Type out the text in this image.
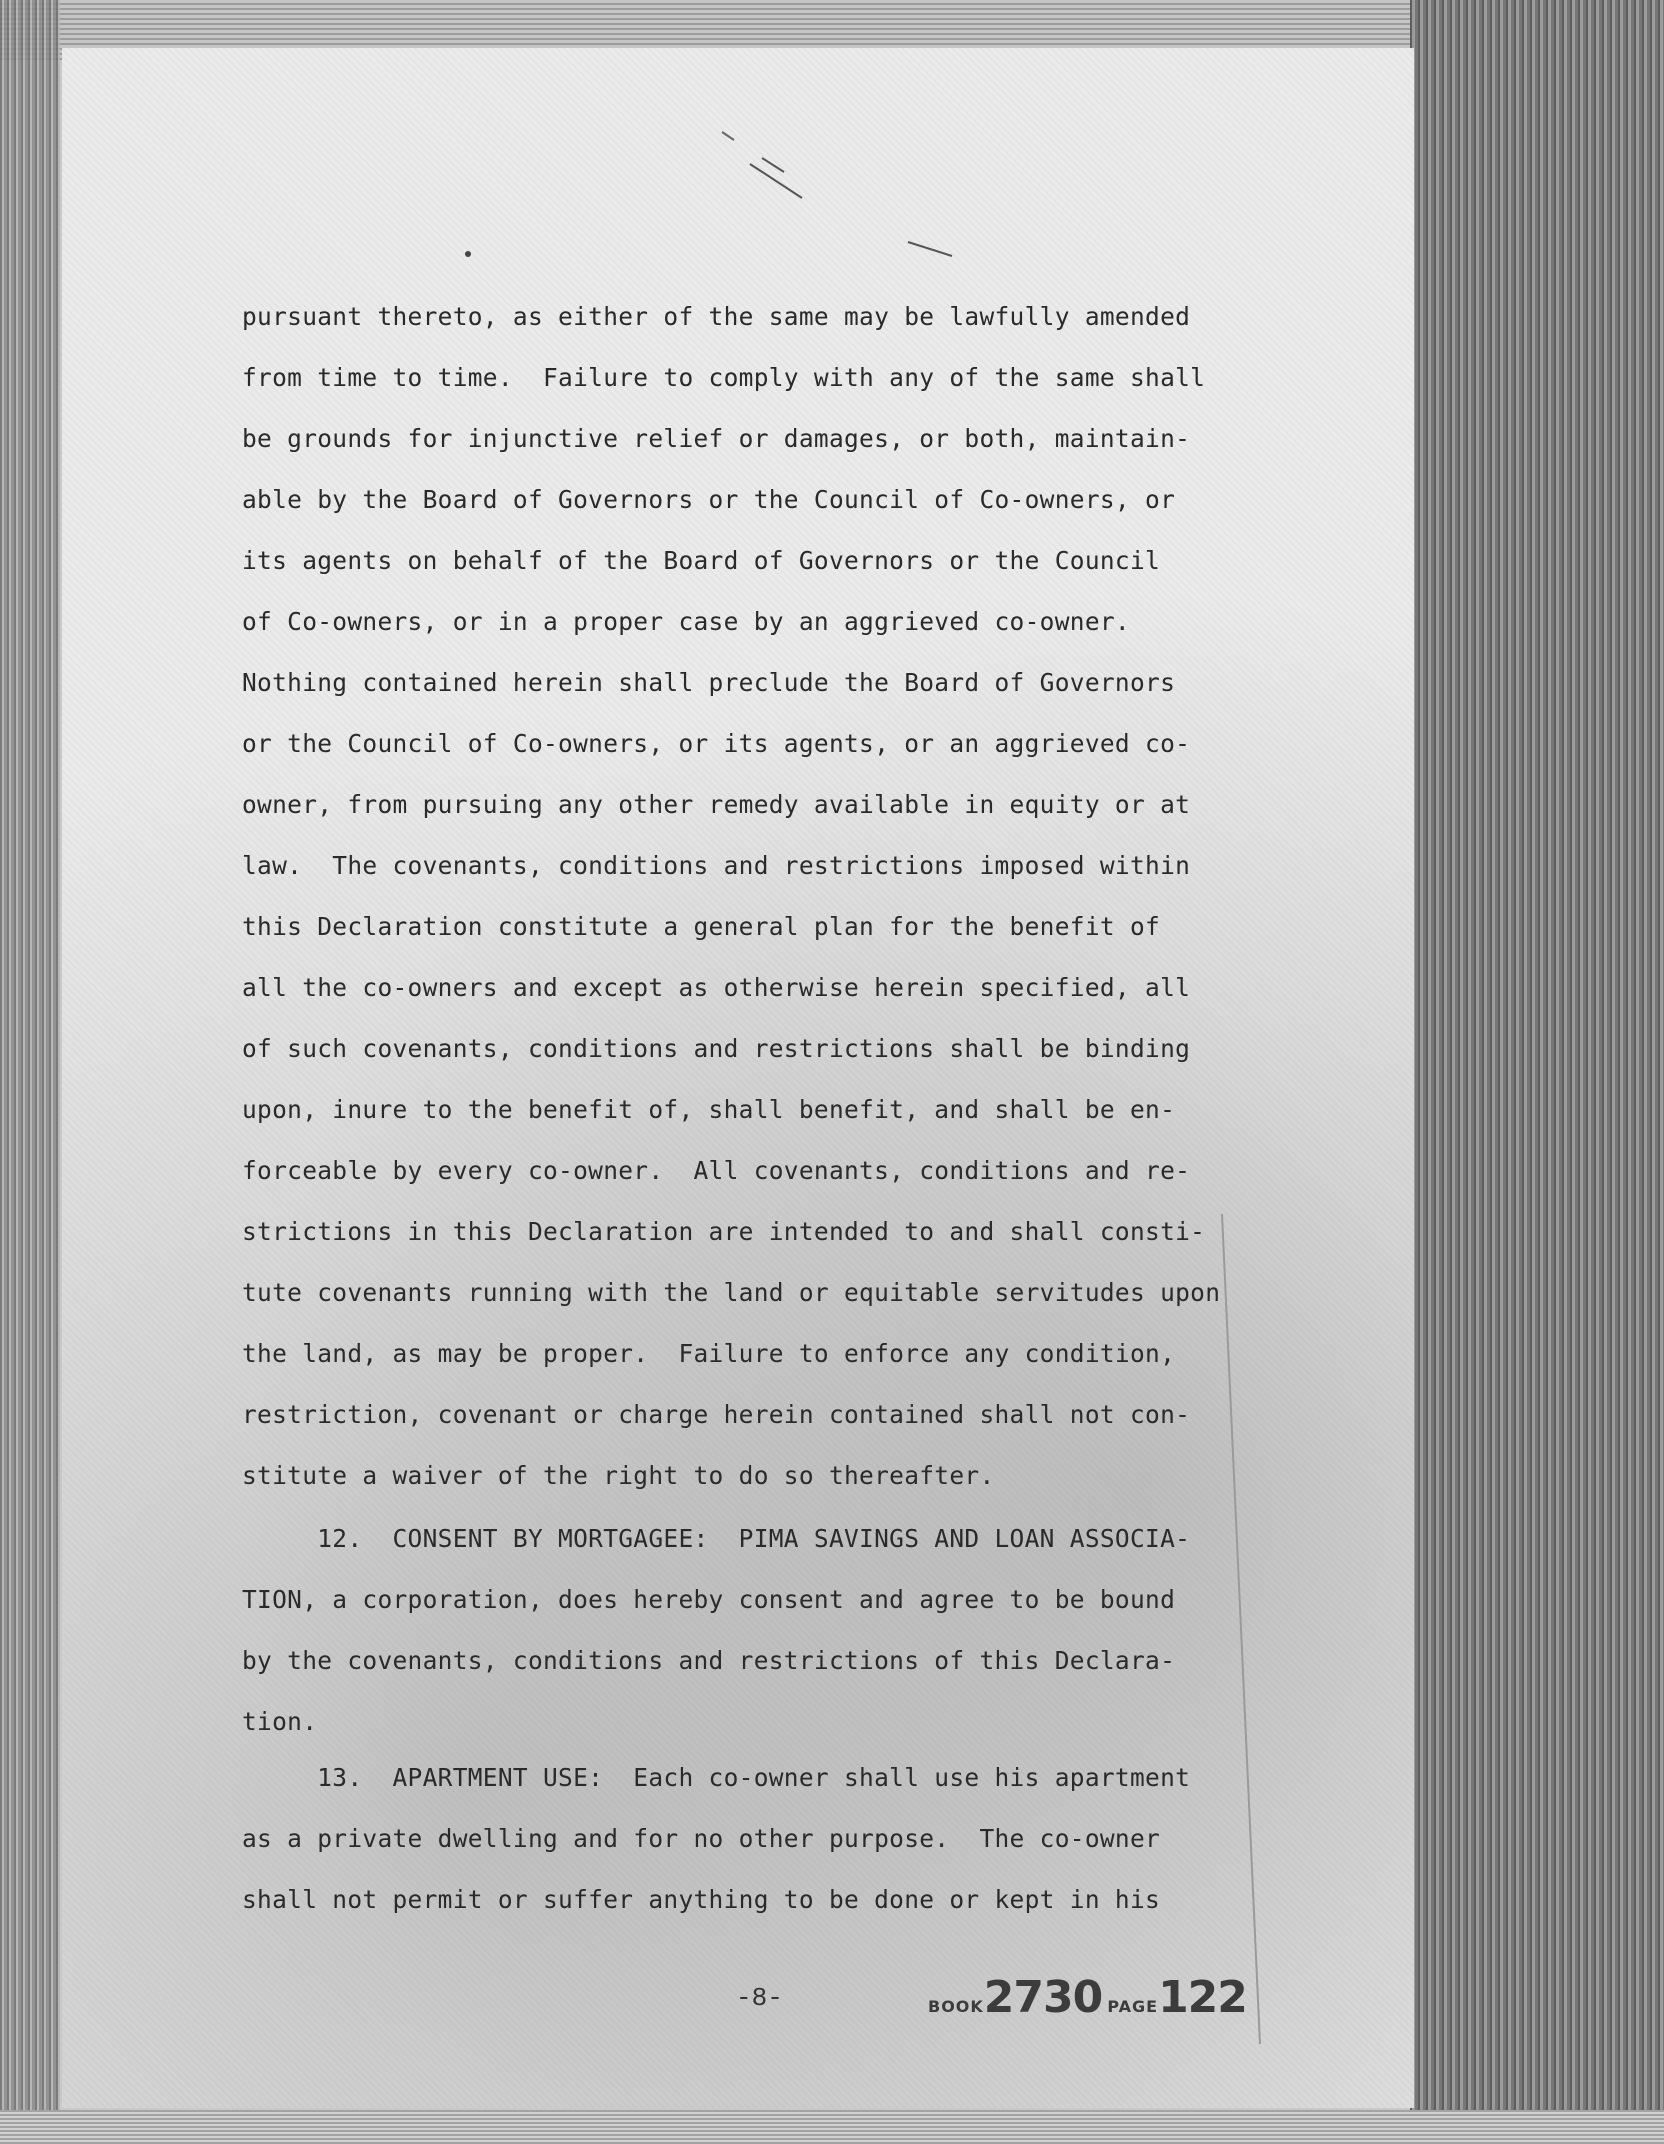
pursuant thereto, as either of the same may be lawfully amended
from time to time.  Failure to comply with any of the same shall
be grounds for injunctive relief or damages, or both, maintain-
able by the Board of Governors or the Council of Co-owners, or
its agents on behalf of the Board of Governors or the Council
of Co-owners, or in a proper case by an aggrieved co-owner.
Nothing contained herein shall preclude the Board of Governors
or the Council of Co-owners, or its agents, or an aggrieved co-
owner, from pursuing any other remedy available in equity or at
law.  The covenants, conditions and restrictions imposed within
this Declaration constitute a general plan for the benefit of
all the co-owners and except as otherwise herein specified, all
of such covenants, conditions and restrictions shall be binding
upon, inure to the benefit of, shall benefit, and shall be en-
forceable by every co-owner.  All covenants, conditions and re-
strictions in this Declaration are intended to and shall consti-
tute covenants running with the land or equitable servitudes upon
the land, as may be proper.  Failure to enforce any condition,
restriction, covenant or charge herein contained shall not con-
stitute a waiver of the right to do so thereafter.
12.  CONSENT BY MORTGAGEE:  PIMA SAVINGS AND LOAN ASSOCIA-
TION, a corporation, does hereby consent and agree to be bound
by the covenants, conditions and restrictions of this Declara-
tion.
13.  APARTMENT USE:  Each co-owner shall use his apartment
as a private dwelling and for no other purpose.  The co-owner
shall not permit or suffer anything to be done or kept in his
-8-	BOOK2730 PAGE122
